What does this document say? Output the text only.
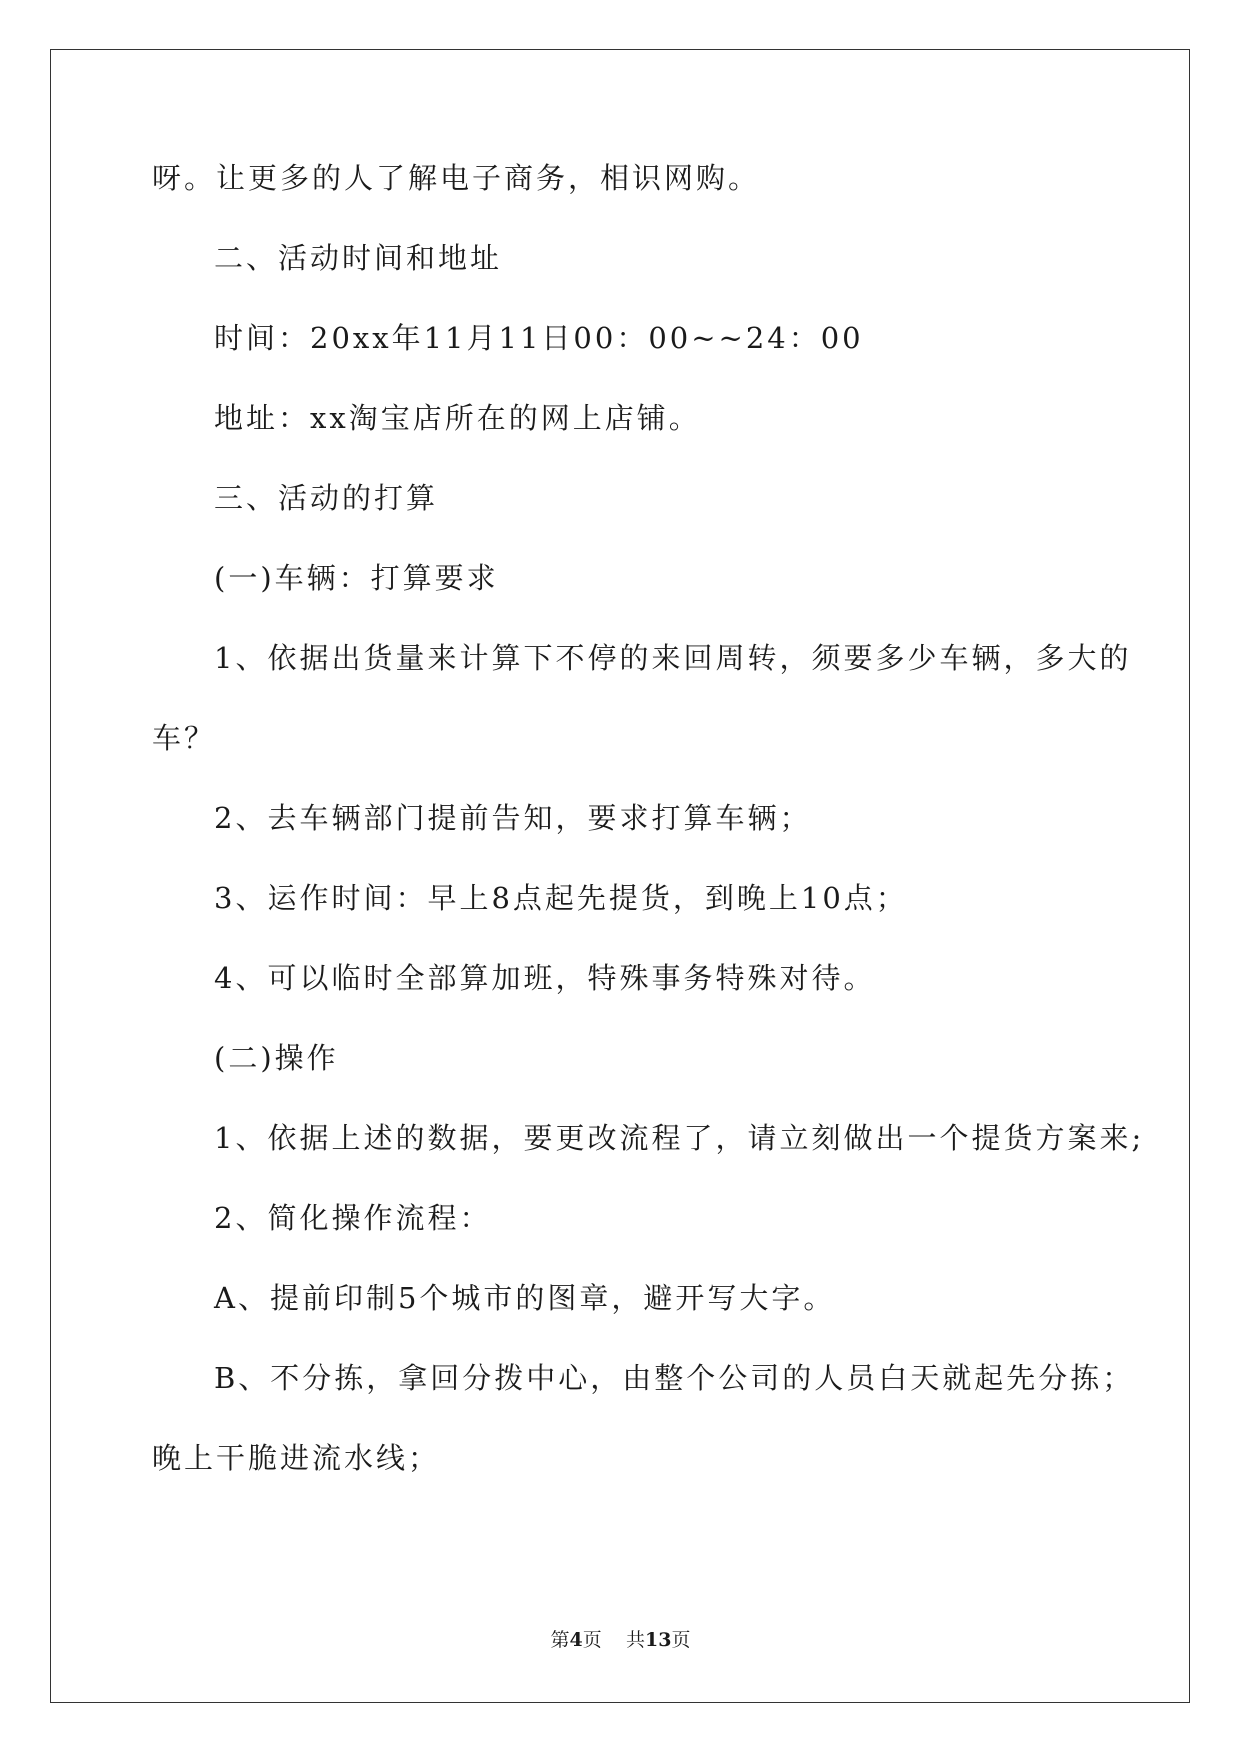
呀。让更多的人了解电子商务，相识网购。
二、活动时间和地址
时间：20xx年11月11日00：00~~24：00
地址：xx淘宝店所在的网上店铺。
三、活动的打算
(一)车辆：打算要求
1、依据出货量来计算下不停的来回周转，须要多少车辆，多大的
车？
2、去车辆部门提前告知，要求打算车辆；
3、运作时间：早上8点起先提货，到晚上10点；
4、可以临时全部算加班，特殊事务特殊对待。
(二)操作
1、依据上述的数据，要更改流程了，请立刻做出一个提货方案来;
2、简化操作流程：
A、提前印制5个城市的图章，避开写大字。
B、不分拣，拿回分拨中心，由整个公司的人员白天就起先分拣；
晚上干脆进流水线；
第4页 共13页
